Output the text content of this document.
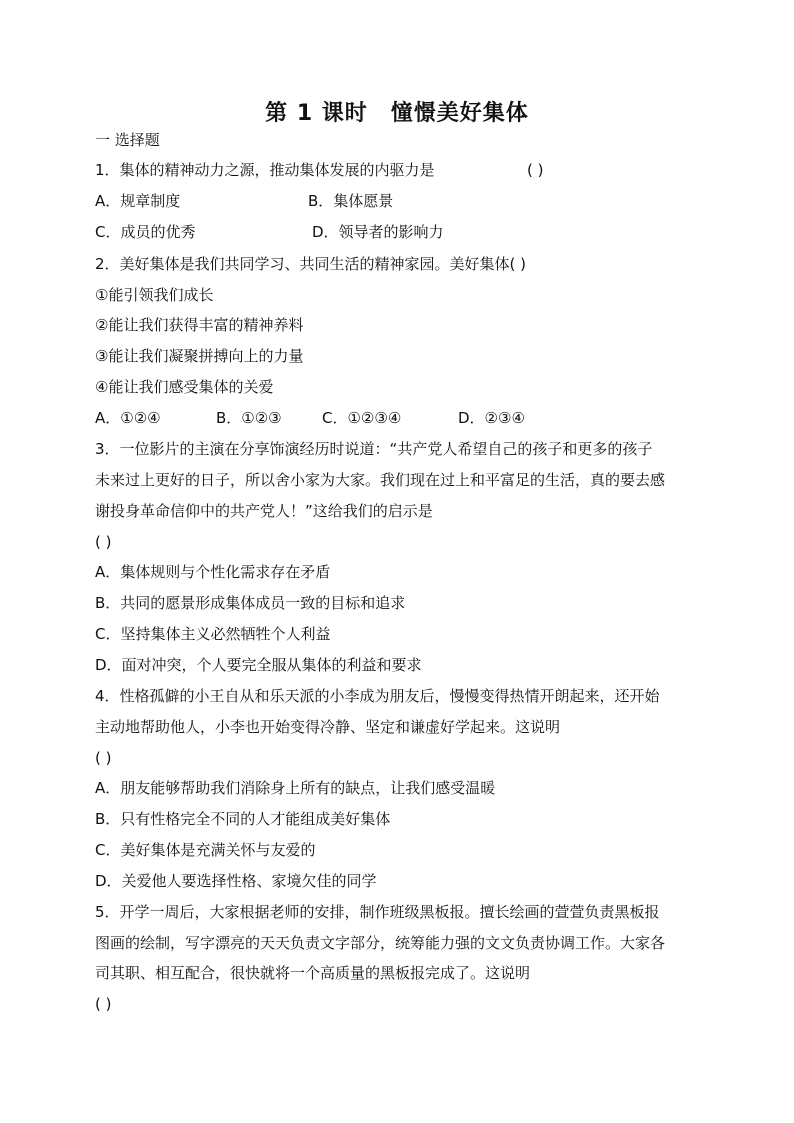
第 1 课时　憧憬美好集体
一 选择题
1．集体的精神动力之源，推动集体发展的内驱力是	( )
A．规章制度	B．集体愿景
C．成员的优秀	D．领导者的影响力
2．美好集体是我们共同学习、共同生活的精神家园。美好集体( )
①能引领我们成长
②能让我们获得丰富的精神养料
③能让我们凝聚拼搏向上的力量
④能让我们感受集体的关爱
A．①②④	B．①②③	C．①②③④	D．②③④
3．一位影片的主演在分享饰演经历时说道：“共产党人希望自己的孩子和更多的孩子
未来过上更好的日子，所以舍小家为大家。我们现在过上和平富足的生活，真的要去感
谢投身革命信仰中的共产党人！”这给我们的启示是
( )
A．集体规则与个性化需求存在矛盾
B．共同的愿景形成集体成员一致的目标和追求
C．坚持集体主义必然牺牲个人利益
D．面对冲突，个人要完全服从集体的利益和要求
4．性格孤僻的小王自从和乐天派的小李成为朋友后，慢慢变得热情开朗起来，还开始
主动地帮助他人，小李也开始变得冷静、坚定和谦虚好学起来。这说明
( )
A．朋友能够帮助我们消除身上所有的缺点，让我们感受温暖
B．只有性格完全不同的人才能组成美好集体
C．美好集体是充满关怀与友爱的
D．关爱他人要选择性格、家境欠佳的同学
5．开学一周后，大家根据老师的安排，制作班级黑板报。擅长绘画的萱萱负责黑板报
图画的绘制，写字漂亮的天天负责文字部分，统筹能力强的文文负责协调工作。大家各
司其职、相互配合，很快就将一个高质量的黑板报完成了。这说明
( )
